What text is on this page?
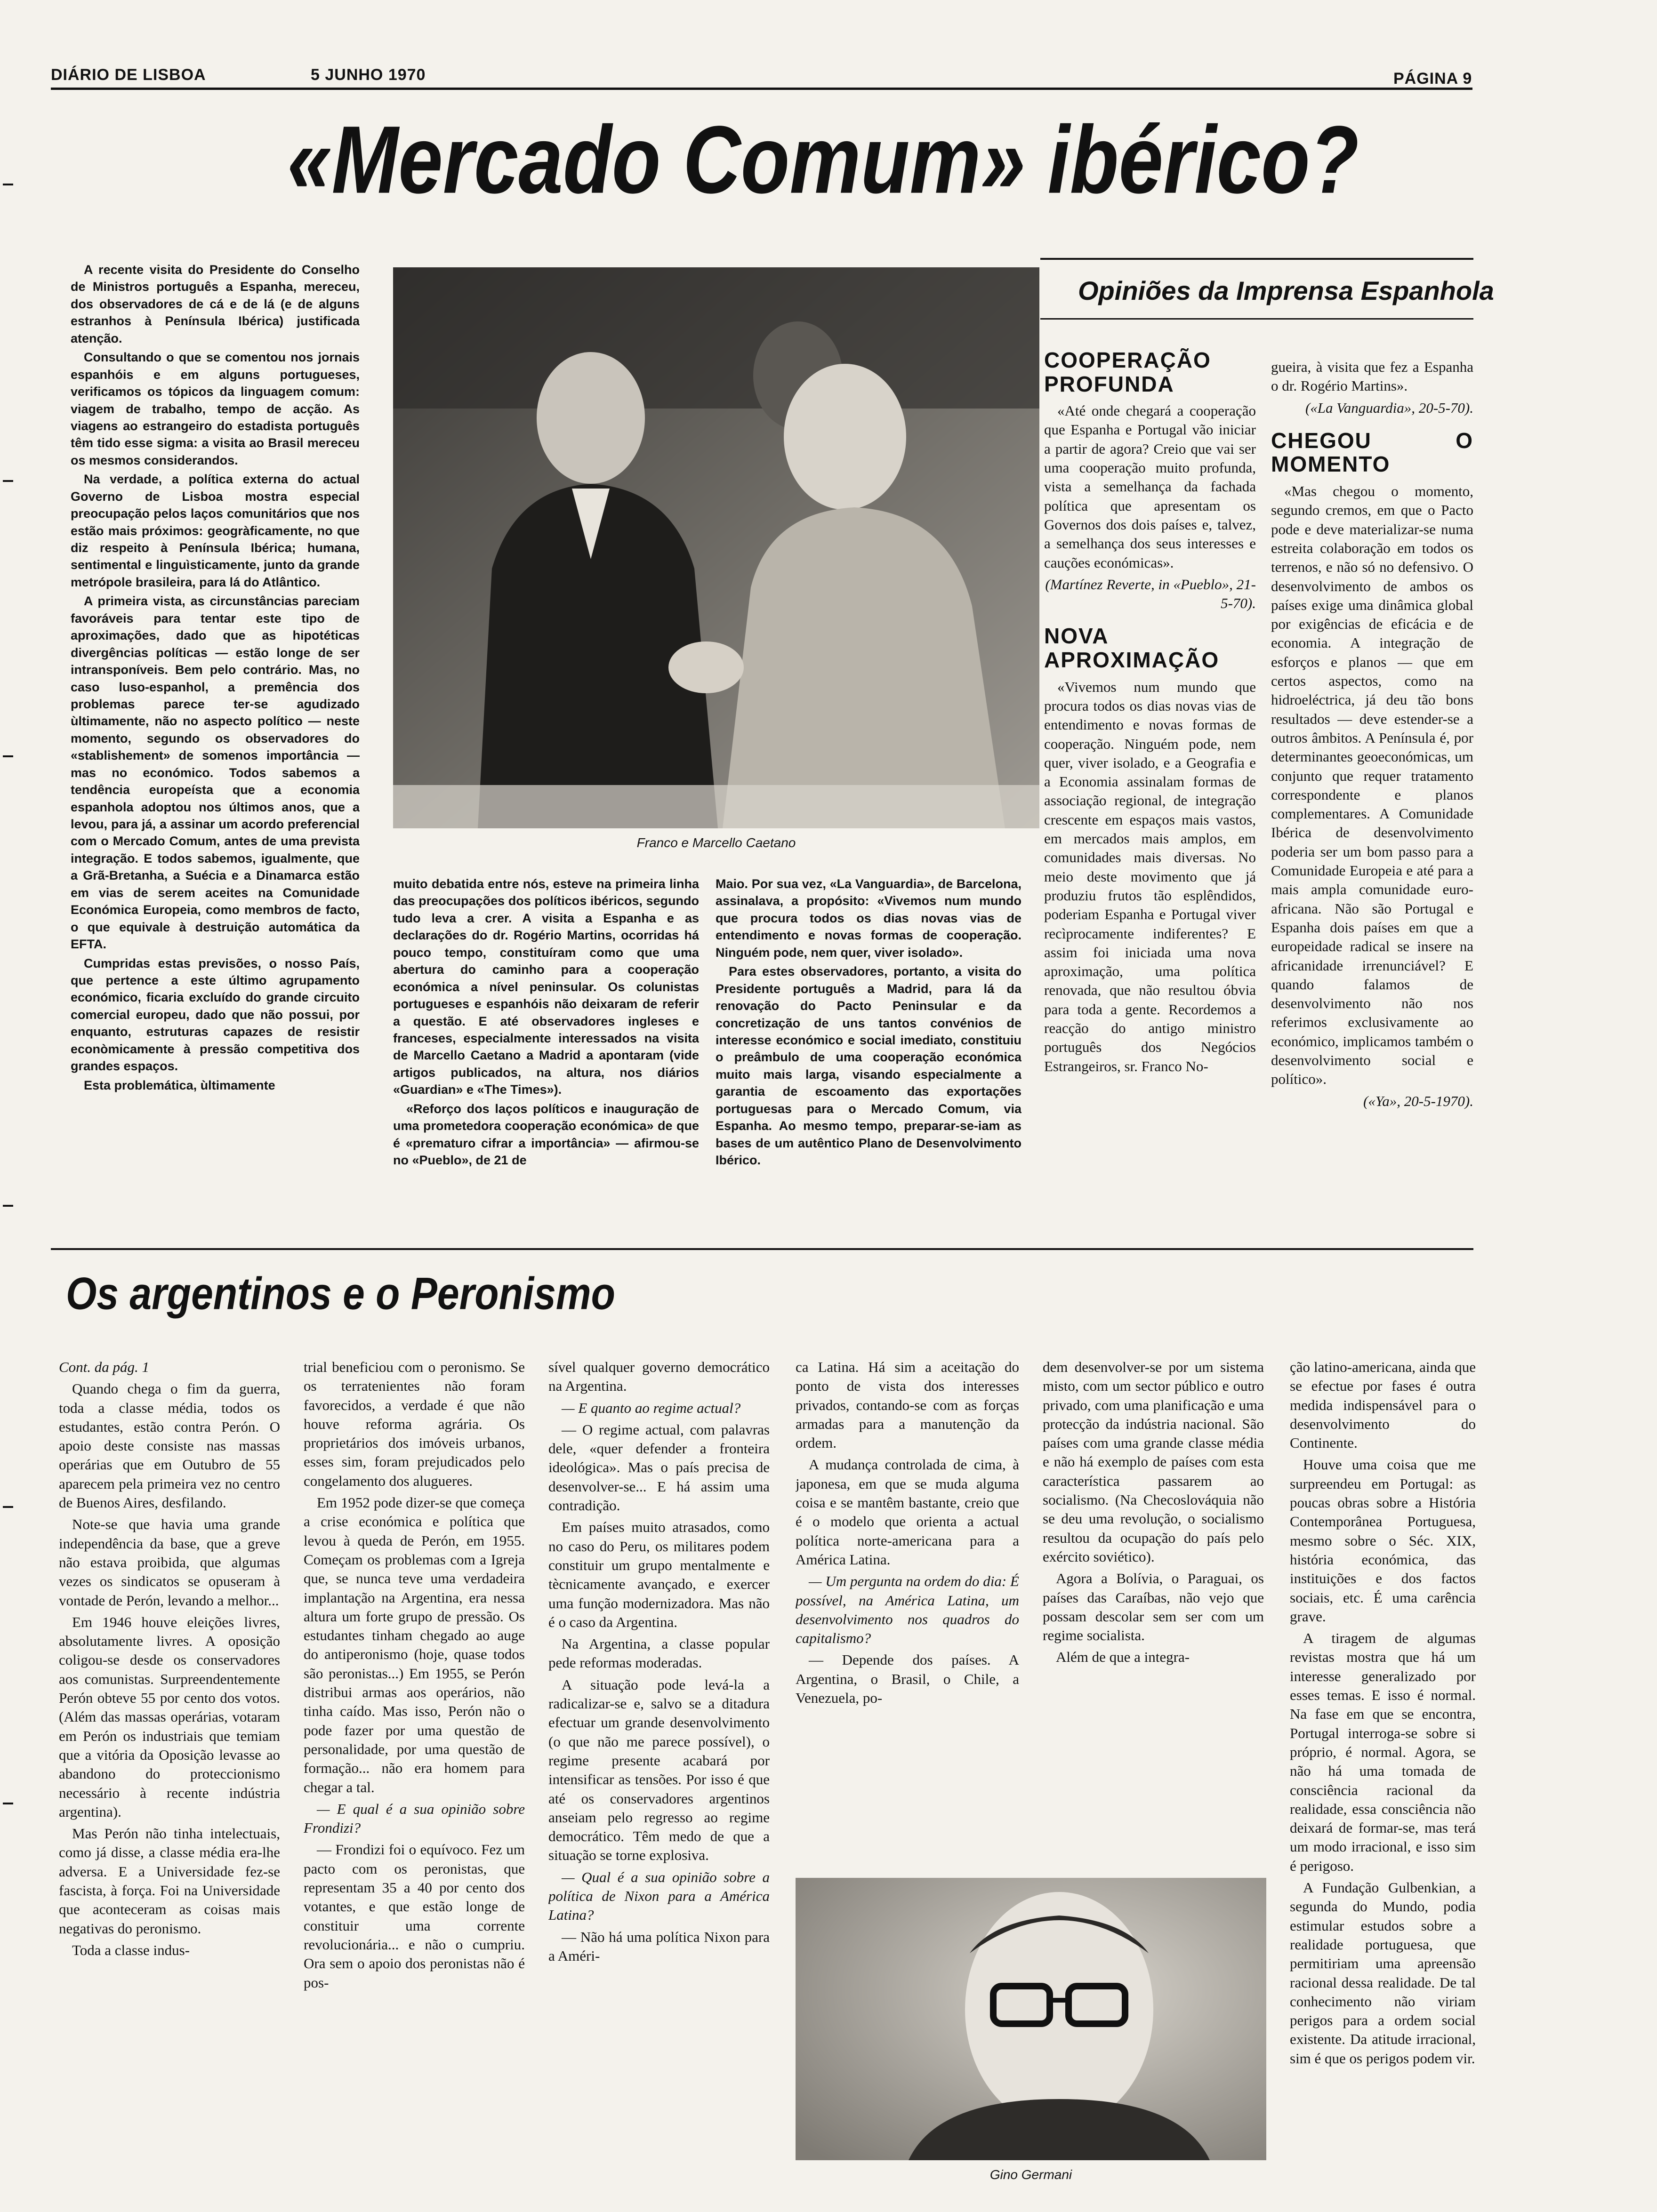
DIÁRIO DE LISBOA	5 JUNHO 1970	PÁGINA 9
«Mercado Comum» ibérico?

A recente visita do Presidente do Conselho de Ministros português a Espanha, mereceu, dos observadores de cá e de lá (e de alguns estranhos à Península Ibérica) justificada atenção.

Consultando o que se comentou nos jornais espanhóis e em alguns portugueses, verificamos os tópicos da linguagem comum: viagem de trabalho, tempo de acção. As viagens ao estrangeiro do estadista português têm tido esse sigma: a visita ao Brasil mereceu os mesmos considerandos.

Na verdade, a política externa do actual Governo de Lisboa mostra especial preocupação pelos laços comunitários que nos estão mais próximos: geogràficamente, no que diz respeito à Península Ibérica; humana, sentimental e linguìsticamente, junto da grande metrópole brasileira, para lá do Atlântico.

A primeira vista, as circunstâncias pareciam favoráveis para tentar este tipo de aproximações, dado que as hipotéticas divergências políticas — estão longe de ser intransponíveis. Bem pelo contrário. Mas, no caso luso-espanhol, a premência dos problemas parece ter-se agudizado ùltimamente, não no aspecto político — neste momento, segundo os observadores do «stablishement» de somenos importância — mas no económico. Todos sabemos a tendência europeísta que a economia espanhola adoptou nos últimos anos, que a levou, para já, a assinar um acordo preferencial com o Mercado Comum, antes de uma prevista integração. E todos sabemos, igualmente, que a Grã-Bretanha, a Suécia e a Dinamarca estão em vias de serem aceites na Comunidade Económica Europeia, como membros de facto, o que equivale à destruição automática da EFTA.

Cumpridas estas previsões, o nosso País, que pertence a este último agrupamento económico, ficaria excluído do grande circuito comercial europeu, dado que não possui, por enquanto, estruturas capazes de resistir econòmicamente à pressão competitiva dos grandes espaços.

Esta problemática, ùltimamente

Franco e Marcello Caetano

muito debatida entre nós, esteve na primeira linha das preocupações dos políticos ibéricos, segundo tudo leva a crer. A visita a Espanha e as declarações do dr. Rogério Martins, ocorridas há pouco tempo, constituíram como que uma abertura do caminho para a cooperação económica a nível peninsular. Os colunistas portugueses e espanhóis não deixaram de referir a questão. E até observadores ingleses e franceses, especialmente interessados na visita de Marcello Caetano a Madrid a apontaram (vide artigos publicados, na altura, nos diários «Guardian» e «The Times»).

«Reforço dos laços políticos e inauguração de uma prometedora cooperação económica» de que é «prematuro cifrar a importância» — afirmou-se no «Pueblo», de 21 de

Maio. Por sua vez, «La Vanguardia», de Barcelona, assinalava, a propósito: «Vivemos num mundo que procura todos os dias novas vias de entendimento e novas formas de cooperação. Ninguém pode, nem quer, viver isolado».

Para estes observadores, portanto, a visita do Presidente português a Madrid, para lá da renovação do Pacto Peninsular e da concretização de uns tantos convénios de interesse económico e social imediato, constituiu o preâmbulo de uma cooperação económica muito mais larga, visando especialmente a garantia de escoamento das exportações portuguesas para o Mercado Comum, via Espanha. Ao mesmo tempo, preparar-se-iam as bases de um autêntico Plano de Desenvolvimento Ibérico.

Opiniões da Imprensa Espanhola
COOPERAÇÃO PROFUNDA

«Até onde chegará a cooperação que Espanha e Portugal vão iniciar a partir de agora? Creio que vai ser uma cooperação muito profunda, vista a semelhança da fachada política que apresentam os Governos dos dois países e, talvez, a semelhança dos seus interesses e cauções económicas».

(Martínez Reverte, in «Pueblo», 21-5-70).

NOVA APROXIMAÇÃO

«Vivemos num mundo que procura todos os dias novas vias de entendimento e novas formas de cooperação. Ninguém pode, nem quer, viver isolado, e a Geografia e a Economia assinalam formas de associação regional, de integração crescente em espaços mais vastos, em mercados mais amplos, em comunidades mais diversas. No meio deste movimento que já produziu frutos tão esplêndidos, poderiam Espanha e Portugal viver recìprocamente indiferentes? E assim foi iniciada uma nova aproximação, uma política renovada, que não resultou óbvia para toda a gente. Recordemos a reacção do antigo ministro português dos Negócios Estrangeiros, sr. Franco No-

gueira, à visita que fez a Espanha o dr. Rogério Martins».

(«La Vanguardia», 20-5-70).

CHEGOU O MOMENTO

«Mas chegou o momento, segundo cremos, em que o Pacto pode e deve materializar-se numa estreita colaboração em todos os terrenos, e não só no defensivo. O desenvolvimento de ambos os países exige uma dinâmica global por exigências de eficácia e de economia. A integração de esforços e planos — que em certos aspectos, como na hidroeléctrica, já deu tão bons resultados — deve estender-se a outros âmbitos. A Península é, por determinantes geoeconómicas, um conjunto que requer tratamento correspondente e planos complementares. A Comunidade Ibérica de desenvolvimento poderia ser um bom passo para a Comunidade Europeia e até para a mais ampla comunidade euro-africana. Não são Portugal e Espanha dois países em que a europeidade radical se insere na africanidade irrenunciável? E quando falamos de desenvolvimento não nos referimos exclusivamente ao económico, implicamos também o desenvolvimento social e político».

(«Ya», 20-5-1970).

Os argentinos e o Peronismo

Cont. da pág. 1

Quando chega o fim da guerra, toda a classe média, todos os estudantes, estão contra Perón. O apoio deste consiste nas massas operárias que em Outubro de 55 aparecem pela primeira vez no centro de Buenos Aires, desfilando.

Note-se que havia uma grande independência da base, que a greve não estava proibida, que algumas vezes os sindicatos se opuseram à vontade de Perón, levando a melhor...

Em 1946 houve eleições livres, absolutamente livres. A oposição coligou-se desde os conservadores aos comunistas. Surpreendentemente Perón obteve 55 por cento dos votos. (Além das massas operárias, votaram em Perón os industriais que temiam que a vitória da Oposição levasse ao abandono do proteccionismo necessário à recente indústria argentina).

Mas Perón não tinha intelectuais, como já disse, a classe média era-lhe adversa. E a Universidade fez-se fascista, à força. Foi na Universidade que aconteceram as coisas mais negativas do peronismo.

Toda a classe indus-

trial beneficiou com o peronismo. Se os terratenientes não foram favorecidos, a verdade é que não houve reforma agrária. Os proprietários dos imóveis urbanos, esses sim, foram prejudicados pelo congelamento dos alugueres.

Em 1952 pode dizer-se que começa a crise económica e política que levou à queda de Perón, em 1955. Começam os problemas com a Igreja que, se nunca teve uma verdadeira implantação na Argentina, era nessa altura um forte grupo de pressão. Os estudantes tinham chegado ao auge do antiperonismo (hoje, quase todos são peronistas...) Em 1955, se Perón distribui armas aos operários, não tinha caído. Mas isso, Perón não o pode fazer por uma questão de personalidade, por uma questão de formação... não era homem para chegar a tal.

— E qual é a sua opinião sobre Frondizi?

— Frondizi foi o equívoco. Fez um pacto com os peronistas, que representam 35 a 40 por cento dos votantes, e que estão longe de constituir uma corrente revolucionária... e não o cumpriu. Ora sem o apoio dos peronistas não é pos-

sível qualquer governo democrático na Argentina.

— E quanto ao regime actual?

— O regime actual, com palavras dele, «quer defender a fronteira ideológica». Mas o país precisa de desenvolver-se... E há assim uma contradição.

Em países muito atrasados, como no caso do Peru, os militares podem constituir um grupo mentalmente e tècnicamente avançado, e exercer uma função modernizadora. Mas não é o caso da Argentina.

Na Argentina, a classe popular pede reformas moderadas.

A situação pode levá-la a radicalizar-se e, salvo se a ditadura efectuar um grande desenvolvimento (o que não me parece possível), o regime presente acabará por intensificar as tensões. Por isso é que até os conservadores argentinos anseiam pelo regresso ao regime democrático. Têm medo de que a situação se torne explosiva.

— Qual é a sua opinião sobre a política de Nixon para a América Latina?

— Não há uma política Nixon para a Améri-

ca Latina. Há sim a aceitação do ponto de vista dos interesses privados, contando-se com as forças armadas para a manutenção da ordem.

A mudança controlada de cima, à japonesa, em que se muda alguma coisa e se mantêm bastante, creio que é o modelo que orienta a actual política norte-americana para a América Latina.

— Um pergunta na ordem do dia: É possível, na América Latina, um desenvolvimento nos quadros do capitalismo?

— Depende dos países. A Argentina, o Brasil, o Chile, a Venezuela, po-

dem desenvolver-se por um sistema misto, com um sector público e outro privado, com uma planificação e uma protecção da indústria nacional. São países com uma grande classe média e não há exemplo de países com esta característica passarem ao socialismo. (Na Checoslováquia não se deu uma revolução, o socialismo resultou da ocupação do país pelo exército soviético).

Agora a Bolívia, o Paraguai, os países das Caraíbas, não vejo que possam descolar sem ser com um regime socialista.

Além de que a integra-

Gino Germani

ção latino-americana, ainda que se efectue por fases é outra medida indispensável para o desenvolvimento do Continente.

Houve uma coisa que me surpreendeu em Portugal: as poucas obras sobre a História Contemporânea Portuguesa, mesmo sobre o Séc. XIX, história económica, das instituições e dos factos sociais, etc. É uma carência grave.

A tiragem de algumas revistas mostra que há um interesse generalizado por esses temas. E isso é normal. Na fase em que se encontra, Portugal interroga-se sobre si próprio, é normal. Agora, se não há uma tomada de consciência racional da realidade, essa consciência não deixará de formar-se, mas terá um modo irracional, e isso sim é perigoso.

A Fundação Gulbenkian, a segunda do Mundo, podia estimular estudos sobre a realidade portuguesa, que permitiriam uma apreensão racional dessa realidade. De tal conhecimento não viriam perigos para a ordem social existente. Da atitude irracional, sim é que os perigos podem vir.
